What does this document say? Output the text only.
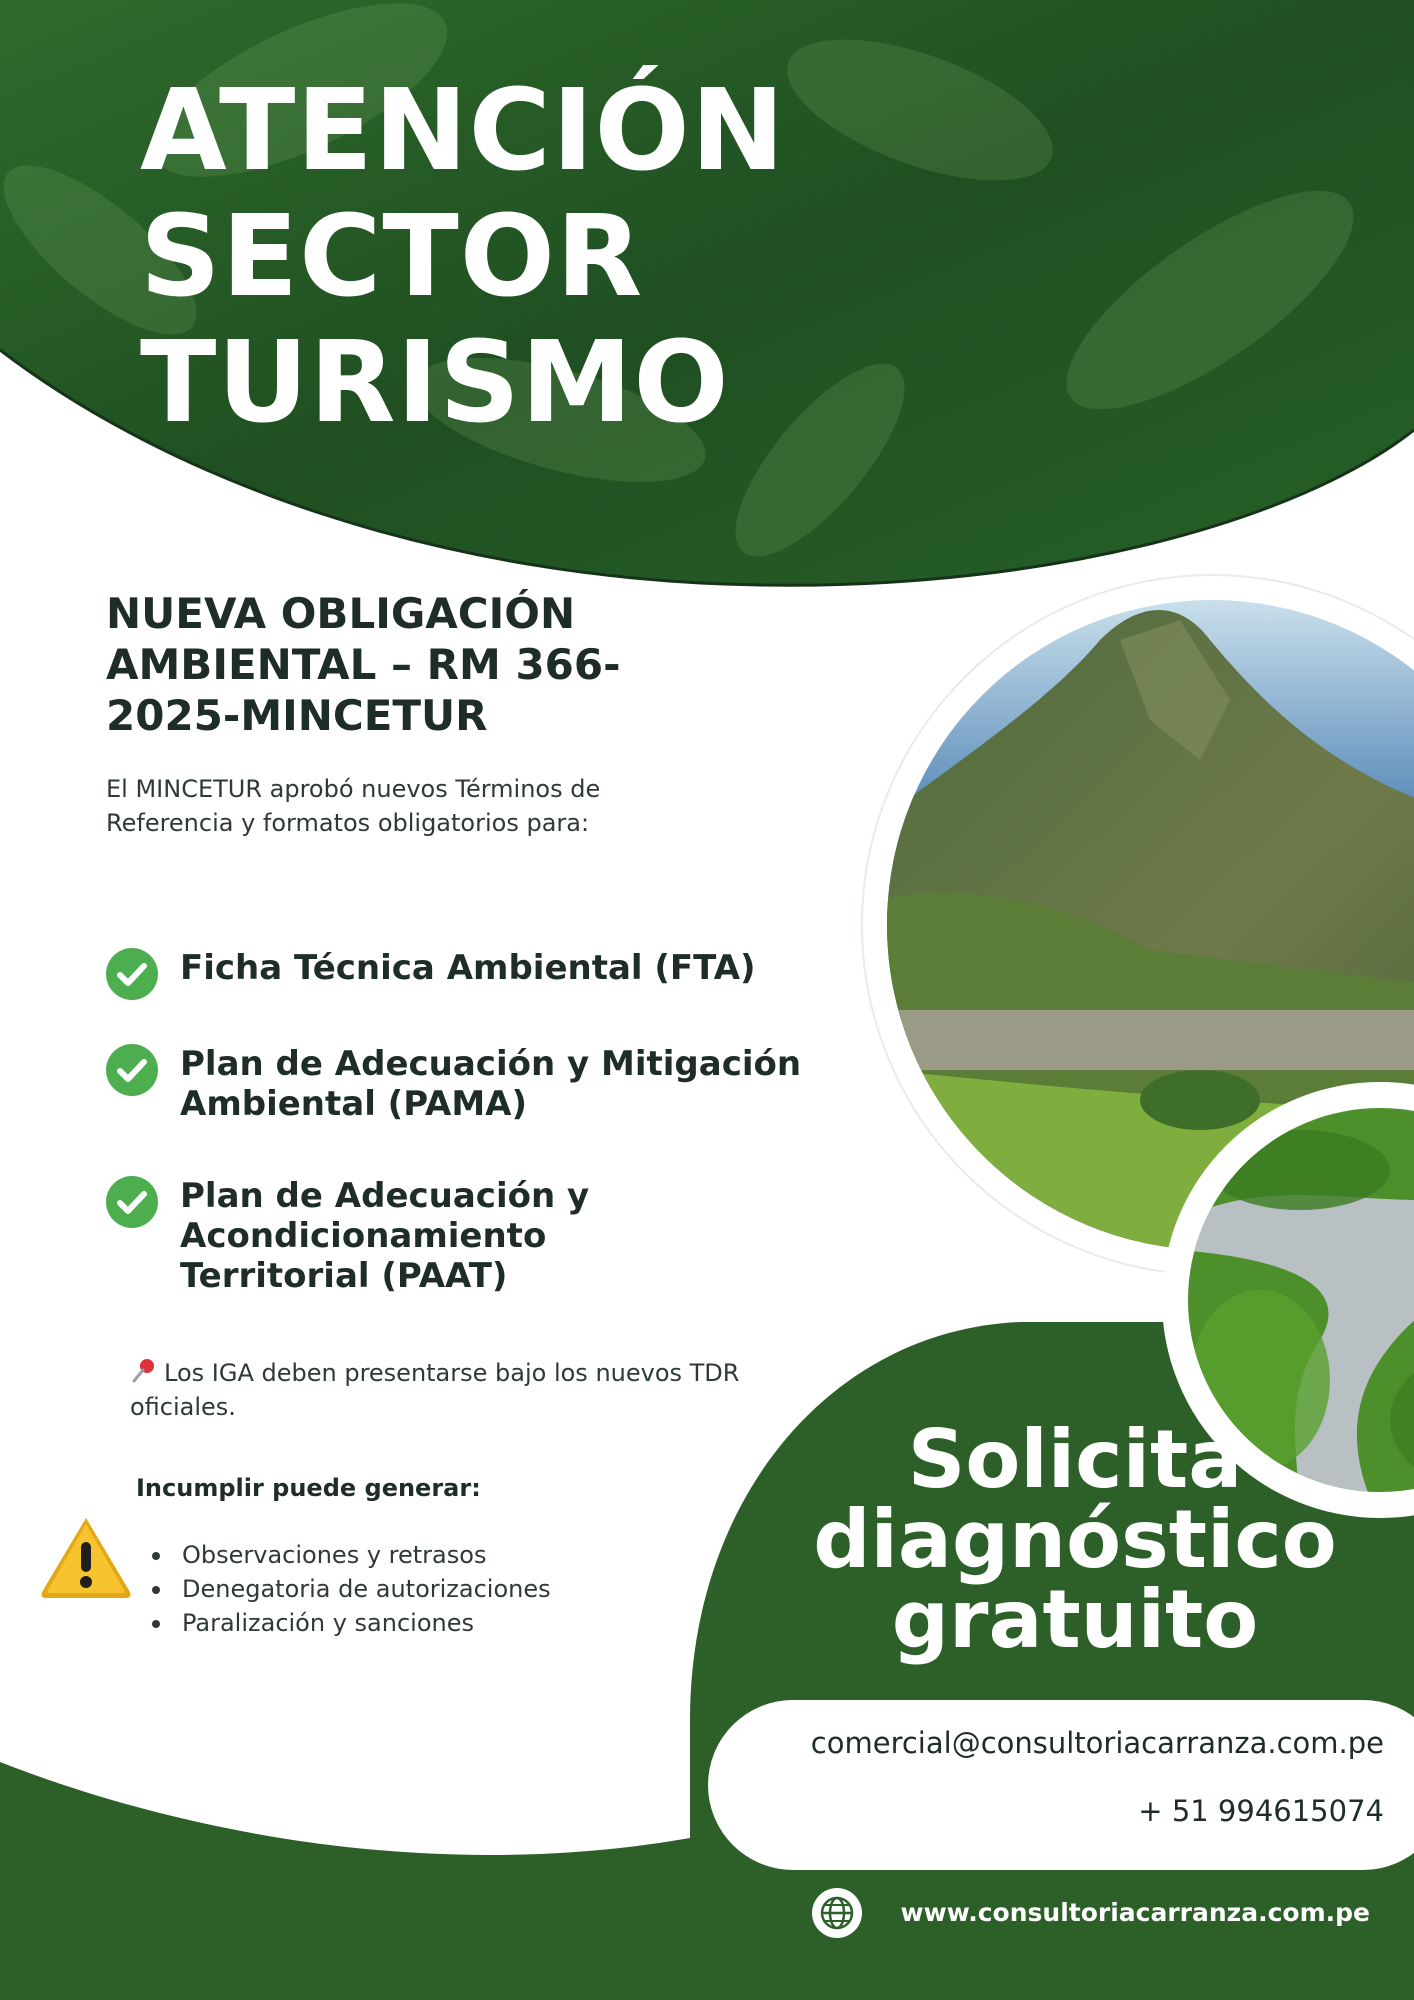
ATENCIÓN
SECTOR
TURISMO
NUEVA OBLIGACIÓN AMBIENTAL – RM 366-2025-MINCETUR
El MINCETUR aprobó nuevos Términos de Referencia y formatos obligatorios para:
Ficha Técnica Ambiental (FTA)
Plan de Adecuación y Mitigación Ambiental (PAMA)
Plan de Adecuación y Acondicionamiento Territorial (PAAT)
Los IGA deben presentarse bajo los nuevos TDR oficiales.
Incumplir puede generar:
Observaciones y retrasos
Denegatoria de autorizaciones
Paralización y sanciones
Solicita
diagnóstico
gratuito
comercial@consultoriacarranza.com.pe
+ 51 994615074
www.consultoriacarranza.com.pe
